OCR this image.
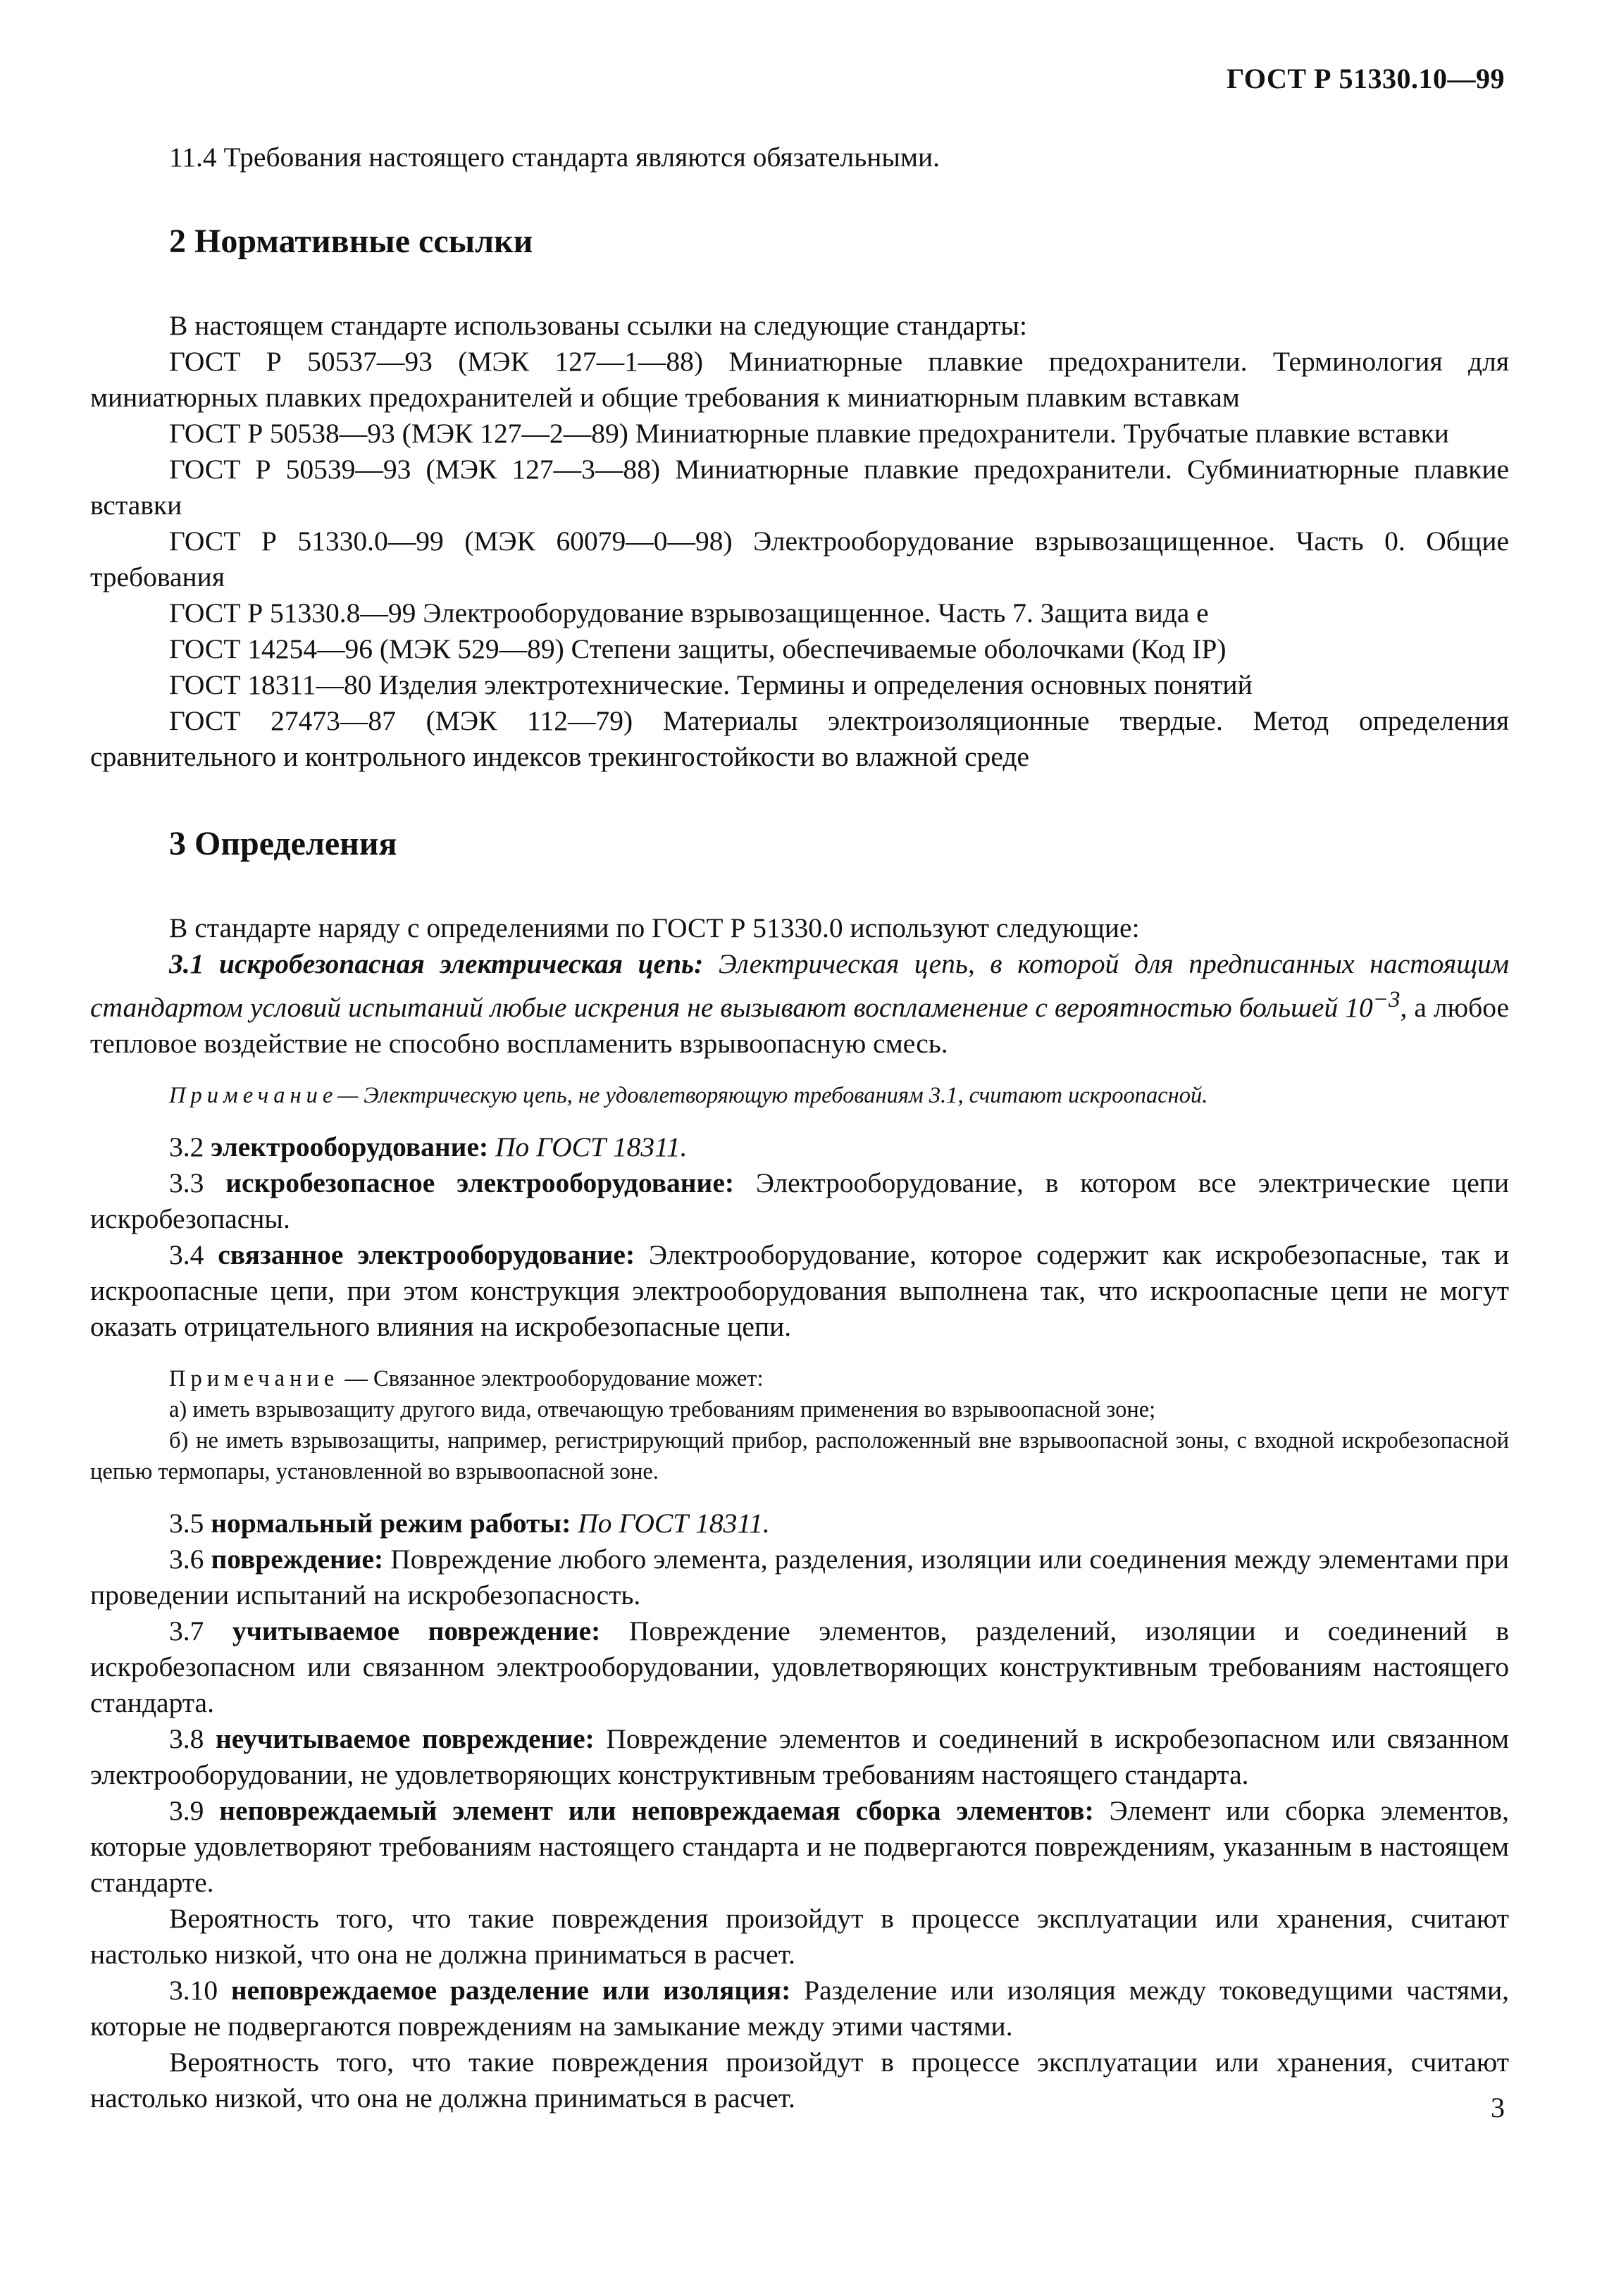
ГОСТ Р 51330.10—99

11.4 Требования настоящего стандарта являются обязательными.

2 Нормативные ссылки

В настоящем стандарте использованы ссылки на следующие стандарты:

ГОСТ Р 50537—93 (МЭК 127—1—88) Миниатюрные плавкие предохранители. Терминология для миниатюрных плавких предохранителей и общие требования к миниатюрным плавким вставкам

ГОСТ Р 50538—93 (МЭК 127—2—89) Миниатюрные плавкие предохранители. Трубчатые плавкие вставки

ГОСТ Р 50539—93 (МЭК 127—3—88) Миниатюрные плавкие предохранители. Субминиатюрные плавкие вставки

ГОСТ Р 51330.0—99 (МЭК 60079—0—98) Электрооборудование взрывозащищенное. Часть 0. Общие требования

ГОСТ Р 51330.8—99 Электрооборудование взрывозащищенное. Часть 7. Защита вида e

ГОСТ 14254—96 (МЭК 529—89) Степени защиты, обеспечиваемые оболочками (Код IP)

ГОСТ 18311—80 Изделия электротехнические. Термины и определения основных понятий

ГОСТ 27473—87 (МЭК 112—79) Материалы электроизоляционные твердые. Метод определения сравнительного и контрольного индексов трекингостойкости во влажной среде

3 Определения

В стандарте наряду с определениями по ГОСТ Р 51330.0 используют следующие:

3.1 искробезопасная электрическая цепь: Электрическая цепь, в которой для предписанных настоящим стандартом условий испытаний любые искрения не вызывают воспламенение с вероятностью большей $10^{-3}$, а любое тепловое воздействие не способно воспламенить взрывоопасную смесь.

Примечание— Электрическую цепь, не удовлетворяющую требованиям 3.1, считают искроопасной.

3.2 электрооборудование: По ГОСТ 18311.

3.3 искробезопасное электрооборудование: Электрооборудование, в котором все электрические цепи искробезопасны.

3.4 связанное электрооборудование: Электрооборудование, которое содержит как искробезопасные, так и искроопасные цепи, при этом конструкция электрооборудования выполнена так, что искроопасные цепи не могут оказать отрицательного влияния на искробезопасные цепи.

Примечание — Связанное электрооборудование может:

а) иметь взрывозащиту другого вида, отвечающую требованиям применения во взрывоопасной зоне;

б) не иметь взрывозащиты, например, регистрирующий прибор, расположенный вне взрывоопасной зоны, с входной искробезопасной цепью термопары, установленной во взрывоопасной зоне.

3.5 нормальный режим работы: По ГОСТ 18311.

3.6 повреждение: Повреждение любого элемента, разделения, изоляции или соединения между элементами при проведении испытаний на искробезопасность.

3.7 учитываемое повреждение: Повреждение элементов, разделений, изоляции и соединений в искробезопасном или связанном электрооборудовании, удовлетворяющих конструктивным требованиям настоящего стандарта.

3.8 неучитываемое повреждение: Повреждение элементов и соединений в искробезопасном или связанном электрооборудовании, не удовлетворяющих конструктивным требованиям настоящего стандарта.

3.9 неповреждаемый элемент или неповреждаемая сборка элементов: Элемент или сборка элементов, которые удовлетворяют требованиям настоящего стандарта и не подвергаются повреждениям, указанным в настоящем стандарте.

Вероятность того, что такие повреждения произойдут в процессе эксплуатации или хранения, считают настолько низкой, что она не должна приниматься в расчет.

3.10 неповреждаемое разделение или изоляция: Разделение или изоляция между токоведущими частями, которые не подвергаются повреждениям на замыкание между этими частями.

Вероятность того, что такие повреждения произойдут в процессе эксплуатации или хранения, считают настолько низкой, что она не должна приниматься в расчет.	3
